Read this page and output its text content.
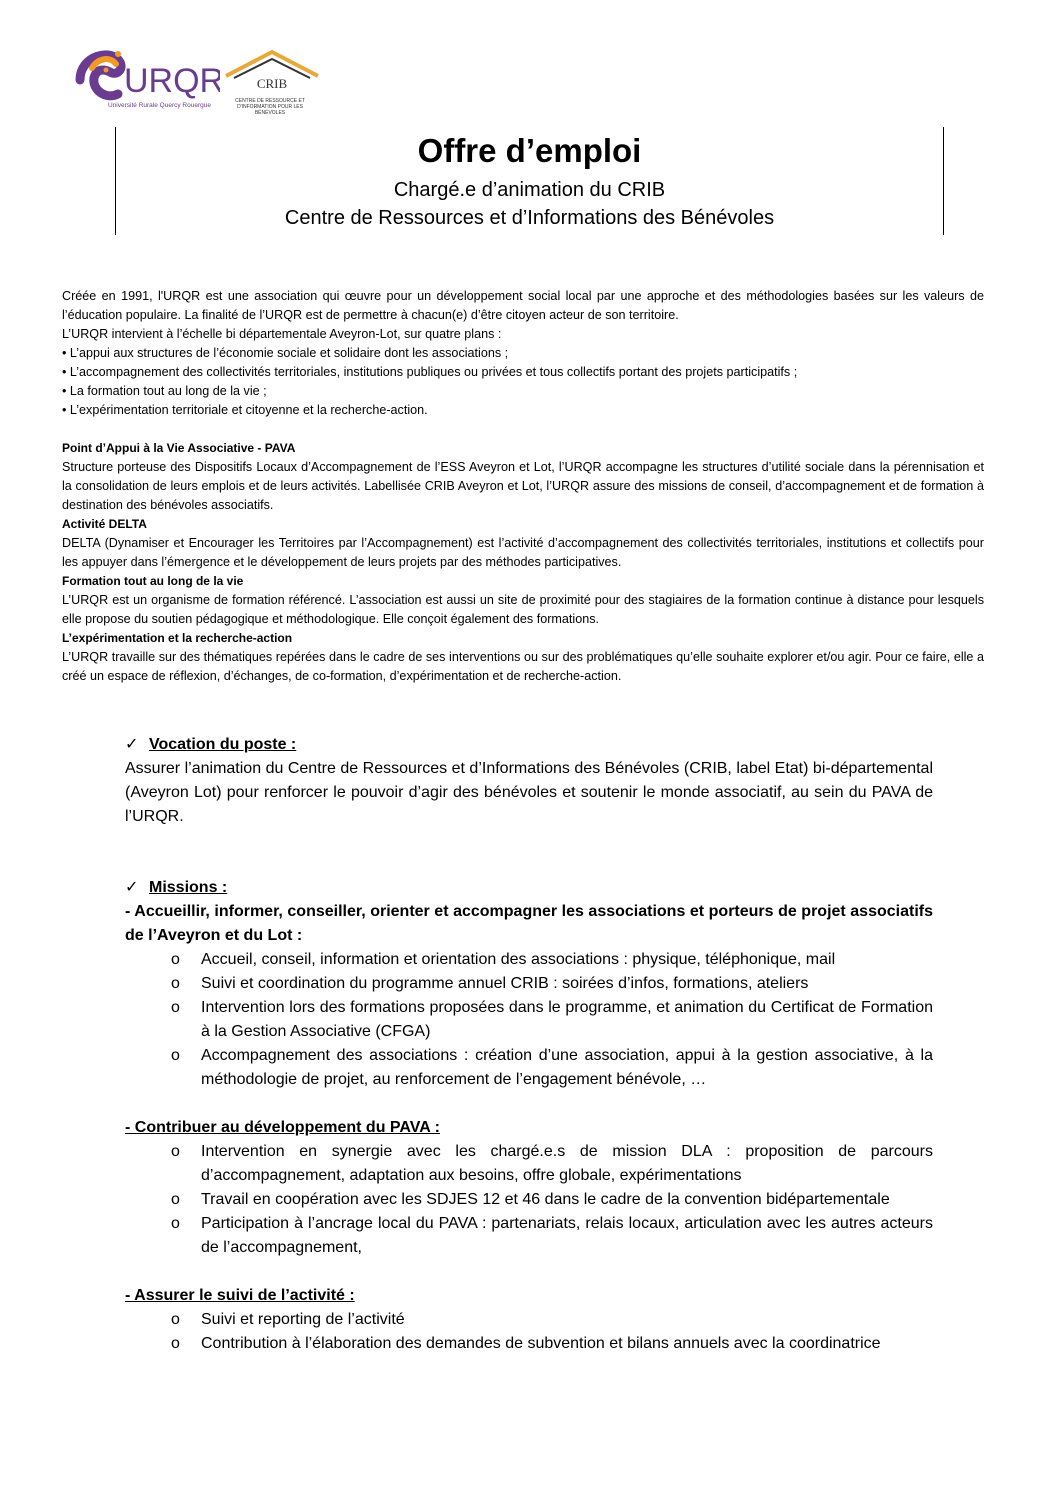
URQR
Université Rurale Quercy Rouergue
CRIB
CENTRE DE RESSOURCE ET D'INFORMATION POUR LES BÉNÉVOLES
Offre d’emploi
Chargé.e d’animation du CRIB
Centre de Ressources et d’Informations des Bénévoles

Créée en 1991, l'URQR est une association qui œuvre pour un développement social local par une approche et des méthodologies basées sur les valeurs de l’éducation populaire. La finalité de l’URQR est de permettre à chacun(e) d’être citoyen acteur de son territoire.

L’URQR intervient à l’échelle bi départementale Aveyron-Lot, sur quatre plans :

• L’appui aux structures de l’économie sociale et solidaire dont les associations ;

• L’accompagnement des collectivités territoriales, institutions publiques ou privées et tous collectifs portant des projets participatifs ;

• La formation tout au long de la vie ;

• L’expérimentation territoriale et citoyenne et la recherche-action.

Point d’Appui à la Vie Associative - PAVA

Structure porteuse des Dispositifs Locaux d’Accompagnement de l’ESS Aveyron et Lot, l’URQR accompagne les structures d’utilité sociale dans la pérennisation et la consolidation de leurs emplois et de leurs activités. Labellisée CRIB Aveyron et Lot, l’URQR assure des missions de conseil, d’accompagnement et de formation à destination des bénévoles associatifs.

Activité DELTA

DELTA (Dynamiser et Encourager les Territoires par l’Accompagnement) est l’activité d’accompagnement des collectivités territoriales, institutions et collectifs pour les appuyer dans l’émergence et le développement de leurs projets par des méthodes participatives.

Formation tout au long de la vie

L’URQR est un organisme de formation référencé. L’association est aussi un site de proximité pour des stagiaires de la formation continue à distance pour lesquels elle propose du soutien pédagogique et méthodologique. Elle conçoit également des formations.

L’expérimentation et la recherche-action

L’URQR travaille sur des thématiques repérées dans le cadre de ses interventions ou sur des problématiques qu’elle souhaite explorer et/ou agir. Pour ce faire, elle a créé un espace de réflexion, d’échanges, de co-formation, d’expérimentation et de recherche-action.

✓ Vocation du poste :

Assurer l’animation du Centre de Ressources et d’Informations des Bénévoles (CRIB, label Etat) bi-départemental (Aveyron Lot) pour renforcer le pouvoir d’agir des bénévoles et soutenir le monde associatif, au sein du PAVA de l’URQR.

✓ Missions :

- Accueillir, informer, conseiller, orienter et accompagner les associations et porteurs de projet associatifs de l’Aveyron et du Lot :

o Accueil, conseil, information et orientation des associations : physique, téléphonique, mail

o Suivi et coordination du programme annuel CRIB : soirées d’infos, formations, ateliers

o Intervention lors des formations proposées dans le programme, et animation du Certificat de Formation à la Gestion Associative (CFGA)

o Accompagnement des associations : création d’une association, appui à la gestion associative, à la méthodologie de projet, au renforcement de l’engagement bénévole, …

- Contribuer au développement du PAVA :

o Intervention en synergie avec les chargé.e.s de mission DLA : proposition de parcours d’accompagnement, adaptation aux besoins, offre globale, expérimentations

o Travail en coopération avec les SDJES 12 et 46 dans le cadre de la convention bidépartementale

o Participation à l’ancrage local du PAVA : partenariats, relais locaux, articulation avec les autres acteurs de l’accompagnement,

- Assurer le suivi de l’activité :

o Suivi et reporting de l’activité

o Contribution à l’élaboration des demandes de subvention et bilans annuels avec la coordinatrice
